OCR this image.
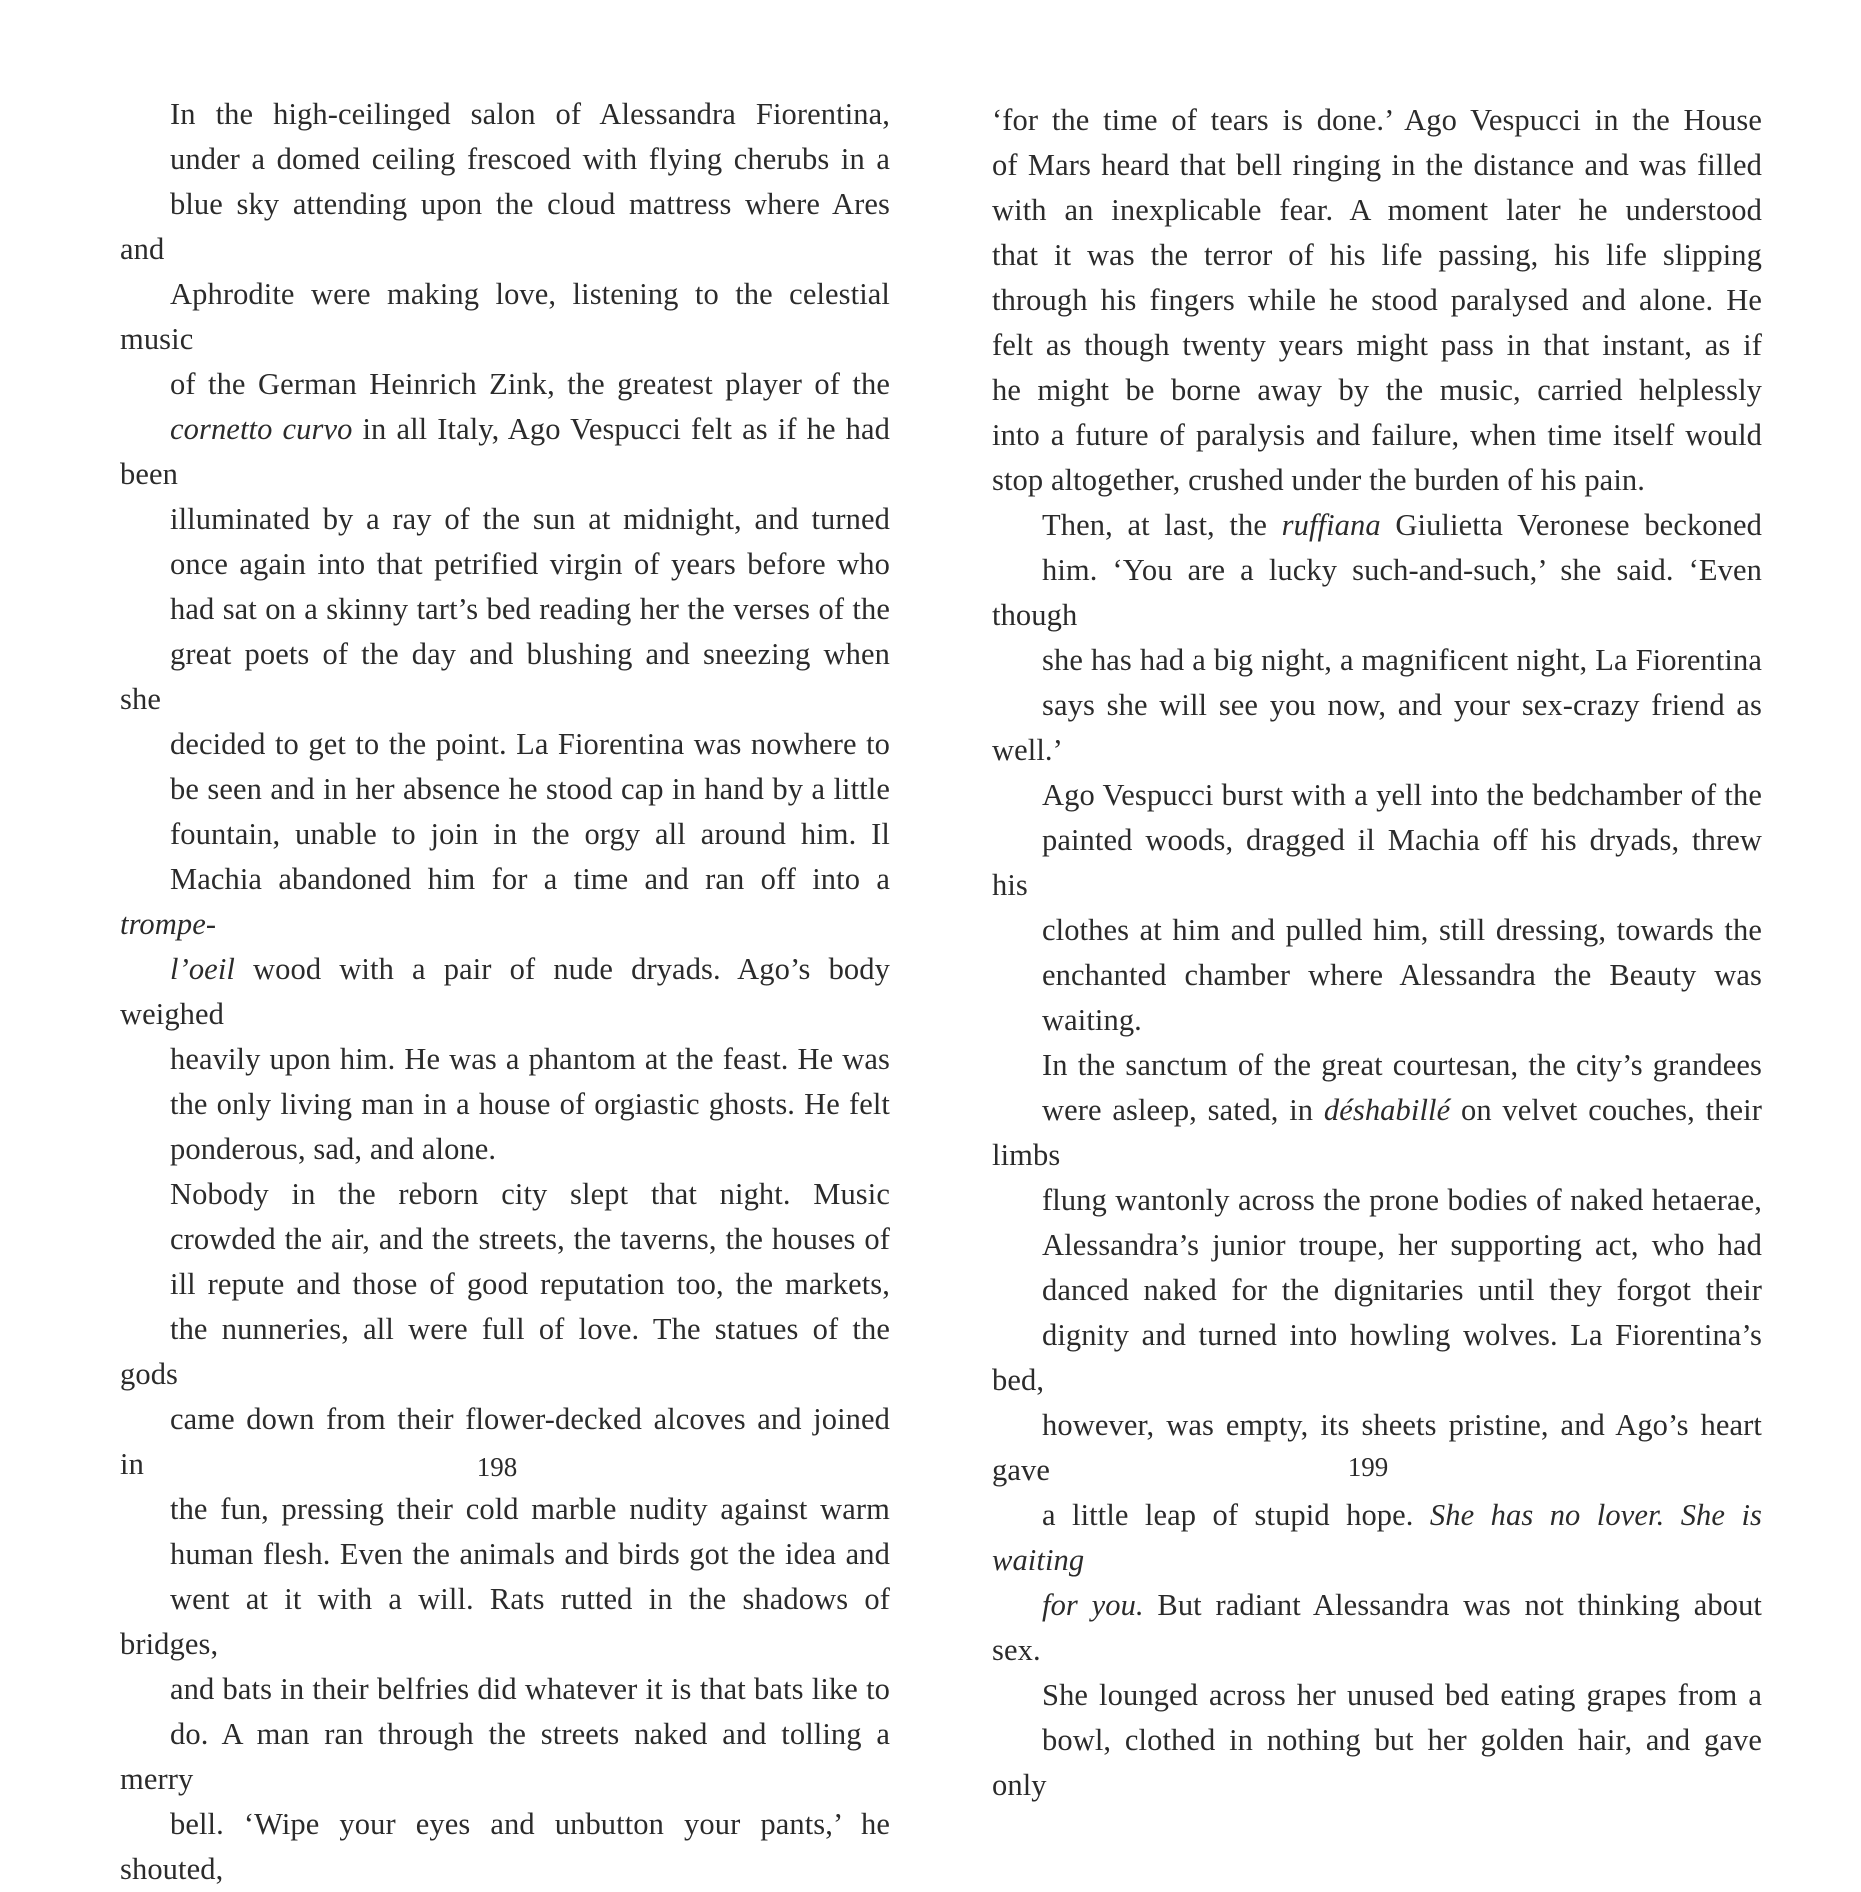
In the high-ceilinged salon of Alessandra Fiorentina,
under a domed ceiling frescoed with flying cherubs in a
blue sky attending upon the cloud mattress where Ares and
Aphrodite were making love, listening to the celestial music
of the German Heinrich Zink, the greatest player of the
cornetto curvo in all Italy, Ago Vespucci felt as if he had been
illuminated by a ray of the sun at midnight, and turned
once again into that petrified virgin of years before who
had sat on a skinny tart’s bed reading her the verses of the
great poets of the day and blushing and sneezing when she
decided to get to the point. La Fiorentina was nowhere to
be seen and in her absence he stood cap in hand by a little
fountain, unable to join in the orgy all around him. Il
Machia abandoned him for a time and ran off into a trompe-
l’oeil wood with a pair of nude dryads. Ago’s body weighed
heavily upon him. He was a phantom at the feast. He was
the only living man in a house of orgiastic ghosts. He felt
ponderous, sad, and alone.

Nobody in the reborn city slept that night. Music
crowded the air, and the streets, the taverns, the houses of
ill repute and those of good reputation too, the markets,
the nunneries, all were full of love. The statues of the gods
came down from their flower-decked alcoves and joined in
the fun, pressing their cold marble nudity against warm
human flesh. Even the animals and birds got the idea and
went at it with a will. Rats rutted in the shadows of bridges,
and bats in their belfries did whatever it is that bats like to
do. A man ran through the streets naked and tolling a merry
bell. ‘Wipe your eyes and unbutton your pants,’ he shouted,

198

‘for the time of tears is done.’ Ago Vespucci in the House
of Mars heard that bell ringing in the distance and was filled
with an inexplicable fear. A moment later he understood
that it was the terror of his life passing, his life slipping
through his fingers while he stood paralysed and alone. He
felt as though twenty years might pass in that instant, as if
he might be borne away by the music, carried helplessly
into a future of paralysis and failure, when time itself would
stop altogether, crushed under the burden of his pain.

Then, at last, the ruffiana Giulietta Veronese beckoned
him. ‘You are a lucky such-and-such,’ she said. ‘Even though
she has had a big night, a magnificent night, La Fiorentina
says she will see you now, and your sex-crazy friend as well.’
Ago Vespucci burst with a yell into the bedchamber of the
painted woods, dragged il Machia off his dryads, threw his
clothes at him and pulled him, still dressing, towards the
enchanted chamber where Alessandra the Beauty was
waiting.

In the sanctum of the great courtesan, the city’s grandees
were asleep, sated, in déshabillé on velvet couches, their limbs
flung wantonly across the prone bodies of naked hetaerae,
Alessandra’s junior troupe, her supporting act, who had
danced naked for the dignitaries until they forgot their
dignity and turned into howling wolves. La Fiorentina’s bed,
however, was empty, its sheets pristine, and Ago’s heart gave
a little leap of stupid hope. She has no lover. She is waiting
for you. But radiant Alessandra was not thinking about sex.
She lounged across her unused bed eating grapes from a
bowl, clothed in nothing but her golden hair, and gave only

199
